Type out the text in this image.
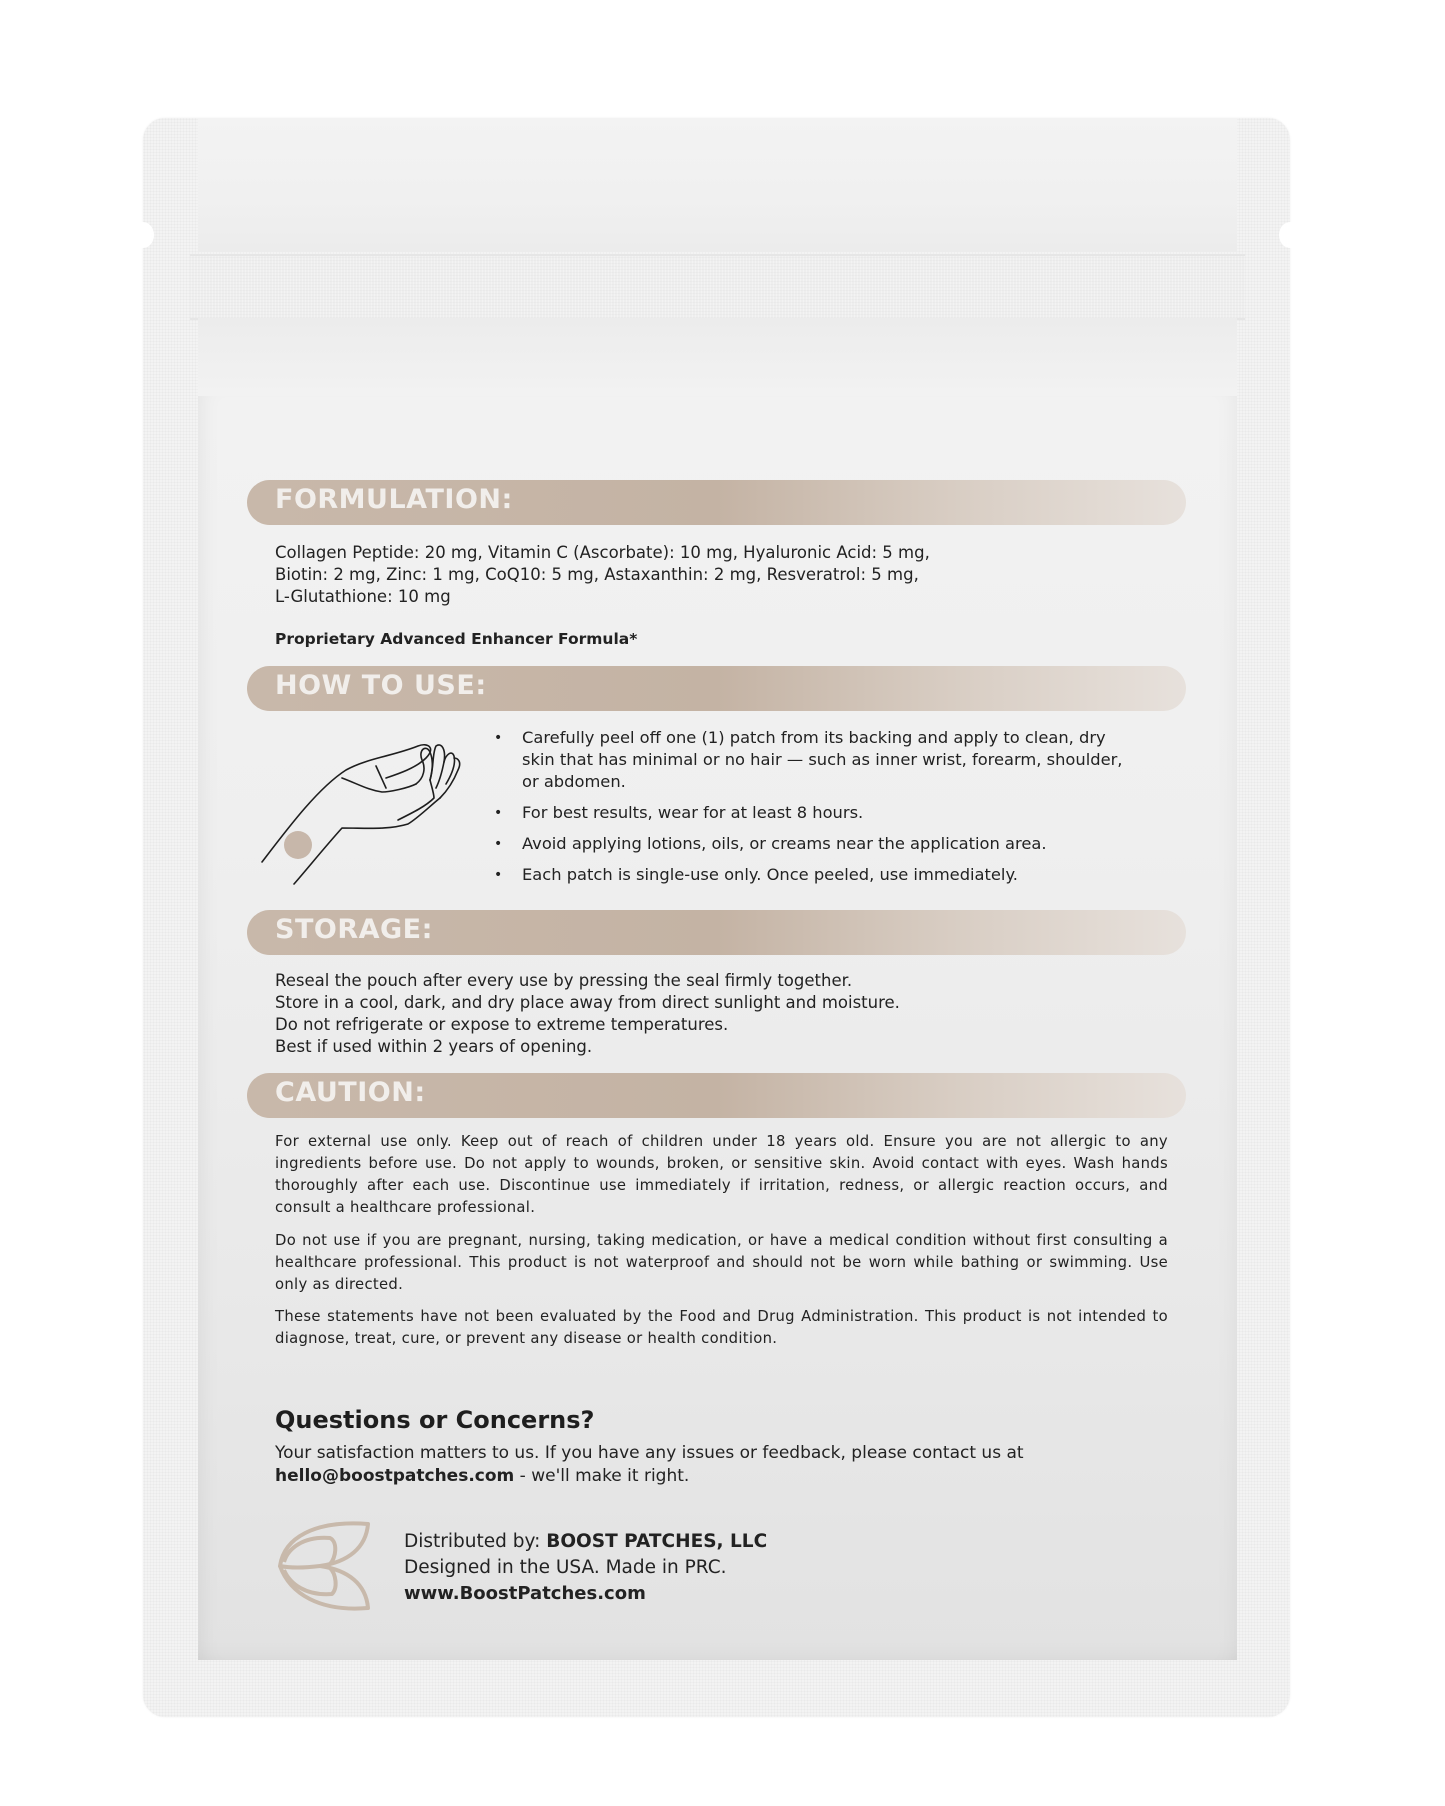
FORMULATION:
Collagen Peptide: 20 mg, Vitamin C (Ascorbate): 10 mg, Hyaluronic Acid: 5 mg,
Biotin: 2 mg, Zinc: 1 mg, CoQ10: 5 mg, Astaxanthin: 2 mg, Resveratrol: 5 mg,
L-Glutathione: 10 mg
Proprietary Advanced Enhancer Formula*
HOW TO USE:
• Carefully peel off one (1) patch from its backing and apply to clean, dry skin that has minimal or no hair — such as inner wrist, forearm, shoulder, or abdomen.
• For best results, wear for at least 8 hours.
• Avoid applying lotions, oils, or creams near the application area.
• Each patch is single-use only. Once peeled, use immediately.
STORAGE:
Reseal the pouch after every use by pressing the seal firmly together.
Store in a cool, dark, and dry place away from direct sunlight and moisture.
Do not refrigerate or expose to extreme temperatures.
Best if used within 2 years of opening.
CAUTION:
For external use only. Keep out of reach of children under 18 years old. Ensure you are not allergic to any ingredients before use. Do not apply to wounds, broken, or sensitive skin. Avoid contact with eyes. Wash hands thoroughly after each use. Discontinue use immediately if irritation, redness, or allergic reaction occurs, and consult a healthcare professional.
Do not use if you are pregnant, nursing, taking medication, or have a medical condition without first consulting a healthcare professional. This product is not waterproof and should not be worn while bathing or swimming. Use only as directed.
These statements have not been evaluated by the Food and Drug Administration. This product is not intended to diagnose, treat, cure, or prevent any disease or health condition.
Questions or Concerns?
Your satisfaction matters to us. If you have any issues or feedback, please contact us at
hello@boostpatches.com - we'll make it right.
Distributed by: BOOST PATCHES, LLC
Designed in the USA. Made in PRC.
www.BoostPatches.com
